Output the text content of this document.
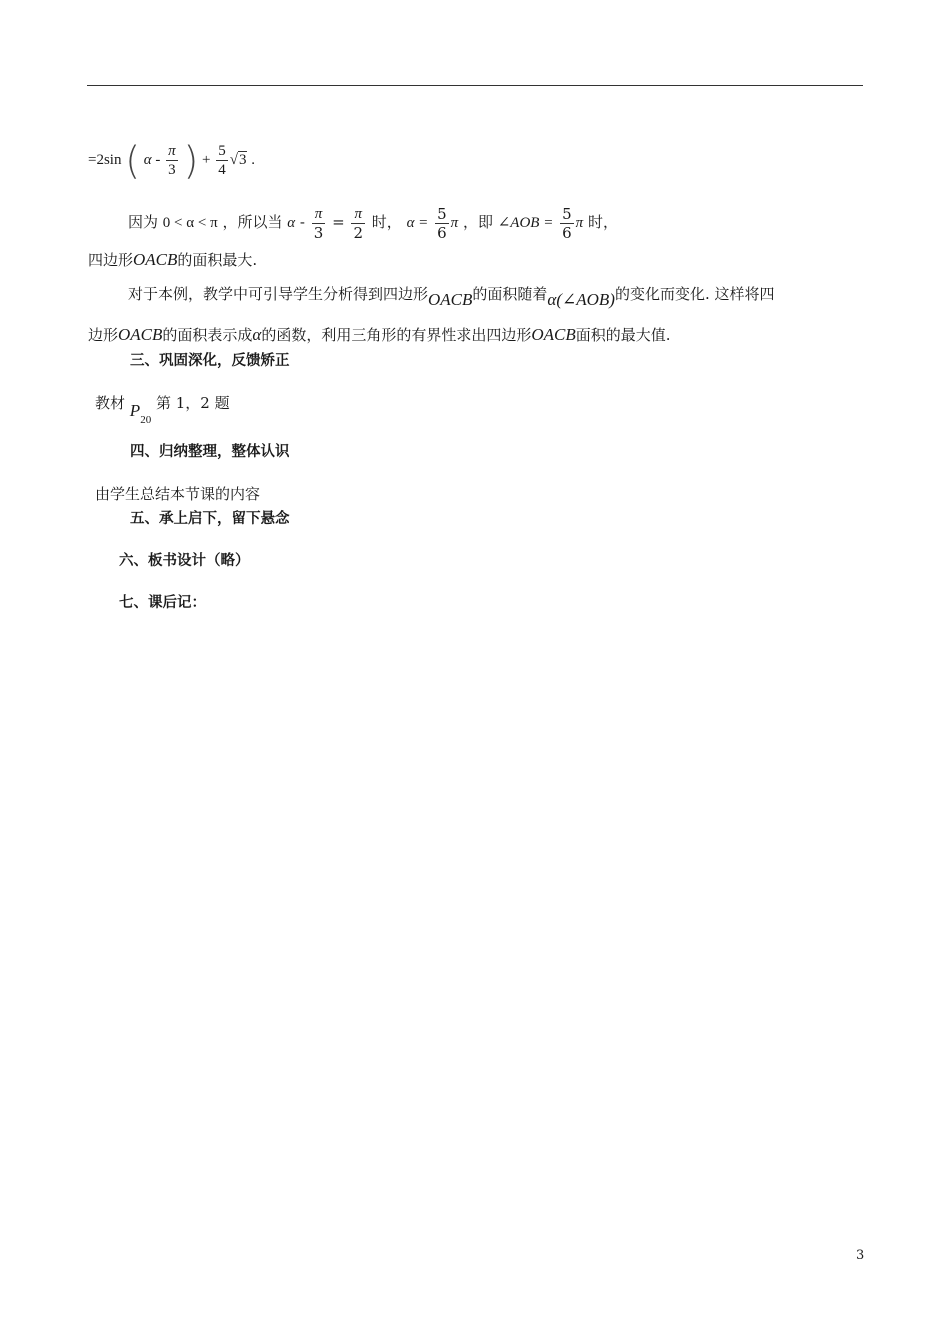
=2sin ( α - $\frac{\pi}{3}$ ) + $\frac{5}{4} √3$ .
因为 0 < α < π ，所以当 $\alpha - \frac{\pi}{3} = \frac{\pi}{2}$ 时， $\alpha = \frac{5}{6}$ π ，即 ∠AOB = $\frac{5}{6}$ π 时，
四边形OACB的面积最大.
对于本例，教学中可引导学生分析得到四边形OACB的面积随着α(∠AOB)的变化而变化. 这样将四
边形OACB的面积表示成α的函数，利用三角形的有界性求出四边形OACB面积的最大值.
三、巩固深化，反馈矫正
教材 $P_{20}$ 第 1，2 题
四、归纳整理，整体认识
由学生总结本节课的内容
五、承上启下，留下悬念
六、板书设计（略）
七、课后记：
3
